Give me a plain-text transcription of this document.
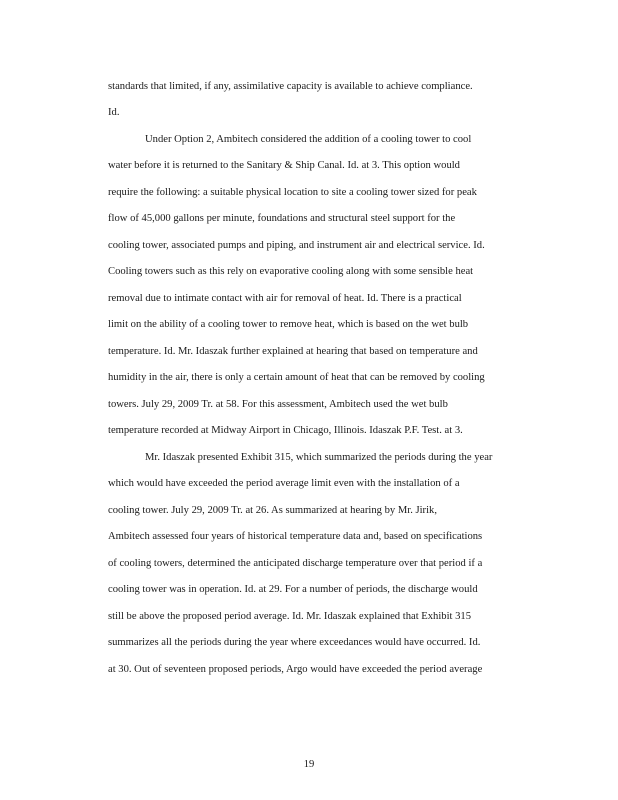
standards that limited, if any, assimilative capacity is available to achieve compliance.
Id.
Under Option 2, Ambitech considered the addition of a cooling tower to cool
water before it is returned to the Sanitary & Ship Canal. Id. at 3. This option would
require the following: a suitable physical location to site a cooling tower sized for peak
flow of 45,000 gallons per minute, foundations and structural steel support for the
cooling tower, associated pumps and piping, and instrument air and electrical service. Id.
Cooling towers such as this rely on evaporative cooling along with some sensible heat
removal due to intimate contact with air for removal of heat. Id. There is a practical
limit on the ability of a cooling tower to remove heat, which is based on the wet bulb
temperature. Id. Mr. Idaszak further explained at hearing that based on temperature and
humidity in the air, there is only a certain amount of heat that can be removed by cooling
towers. July 29, 2009 Tr. at 58. For this assessment, Ambitech used the wet bulb
temperature recorded at Midway Airport in Chicago, Illinois. Idaszak P.F. Test. at 3.
Mr. Idaszak presented Exhibit 315, which summarized the periods during the year
which would have exceeded the period average limit even with the installation of a
cooling tower. July 29, 2009 Tr. at 26. As summarized at hearing by Mr. Jirik,
Ambitech assessed four years of historical temperature data and, based on specifications
of cooling towers, determined the anticipated discharge temperature over that period if a
cooling tower was in operation. Id. at 29. For a number of periods, the discharge would
still be above the proposed period average. Id. Mr. Idaszak explained that Exhibit 315
summarizes all the periods during the year where exceedances would have occurred. Id.
at 30. Out of seventeen proposed periods, Argo would have exceeded the period average
19
